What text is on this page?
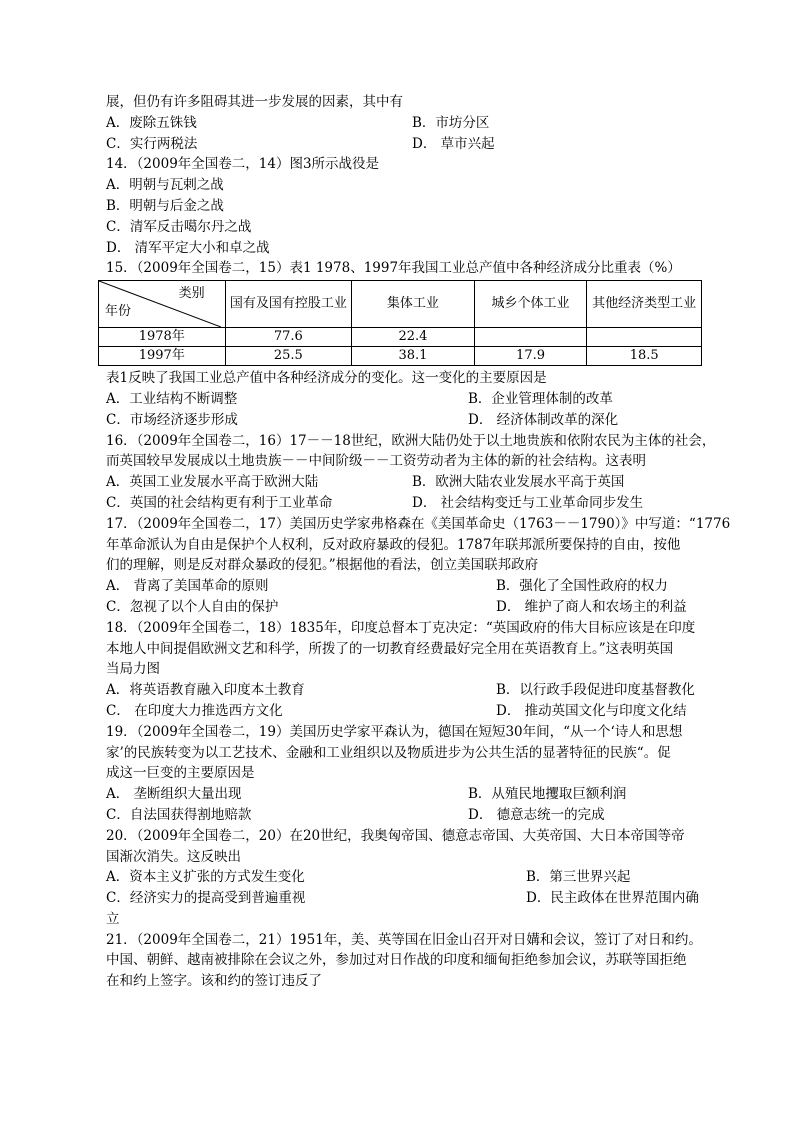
展，但仍有许多阻碍其进一步发展的因素，其中有
A．废除五铢钱	B．市坊分区
C．实行两税法	D． 草市兴起
14．（2009年全国卷二，14）图3所示战役是
A．明朝与瓦剌之战
B．明朝与后金之战
C．清军反击噶尔丹之战
D． 清军平定大小和卓之战
15．（2009年全国卷二，15）表1 1978、1997年我国工业总产值中各种经济成分比重表（%）
类别
年份	国有及国有控股工业	集体工业	城乡个体工业	其他经济类型工业
1978年	77.6	22.4		
1997年	25.5	38.1	17.9	18.5
表1反映了我国工业总产值中各种经济成分的变化。这一变化的主要原因是
A．工业结构不断调整	B．企业管理体制的改革
C．市场经济逐步形成	D． 经济体制改革的深化
16．（2009年全国卷二，16）17－－18世纪，欧洲大陆仍处于以土地贵族和依附农民为主体的社会，
而英国较早发展成以土地贵族－－中间阶级－－工资劳动者为主体的新的社会结构。这表明
A．英国工业发展水平高于欧洲大陆	B．欧洲大陆农业发展水平高于英国
C．英国的社会结构更有利于工业革命	D． 社会结构变迁与工业革命同步发生
17．（2009年全国卷二，17）美国历史学家弗格森在《美国革命史（1763－－1790）》中写道：“1776
年革命派认为自由是保护个人权利，反对政府暴政的侵犯。1787年联邦派所要保持的自由，按他
们的理解，则是反对群众暴政的侵犯。”根据他的看法，创立美国联邦政府
A． 背离了美国革命的原则	B．强化了全国性政府的权力
C．忽视了以个人自由的保护	D． 维护了商人和农场主的利益
18．（2009年全国卷二，18）1835年，印度总督本丁克决定：“英国政府的伟大目标应该是在印度
本地人中间提倡欧洲文艺和科学，所拨了的一切教育经费最好完全用在英语教育上。”这表明英国
当局力图
A．将英语教育融入印度本土教育	B．以行政手段促进印度基督教化
C． 在印度大力推选西方文化	D． 推动英国文化与印度文化结
19．（2009年全国卷二，19）美国历史学家平森认为，德国在短短30年间，“从一个‘诗人和思想
家’的民族转变为以工艺技术、金融和工业组织以及物质进步为公共生活的显著特征的民族“。促
成这一巨变的主要原因是
A． 垄断组织大量出现	B．从殖民地攫取巨额利润
C．自法国获得割地赔款	D． 德意志统一的完成
20．（2009年全国卷二，20）在20世纪，我奥匈帝国、德意志帝国、大英帝国、大日本帝国等帝
国渐次消失。这反映出
A．资本主义扩张的方式发生变化	B．第三世界兴起
C．经济实力的提高受到普遍重视	D．民主政体在世界范围内确
立
21．（2009年全国卷二，21）1951年，美、英等国在旧金山召开对日媾和会议，签订了对日和约。
中国、朝鲜、越南被排除在会议之外，参加过对日作战的印度和缅甸拒绝参加会议，苏联等国拒绝
在和约上签字。该和约的签订违反了
